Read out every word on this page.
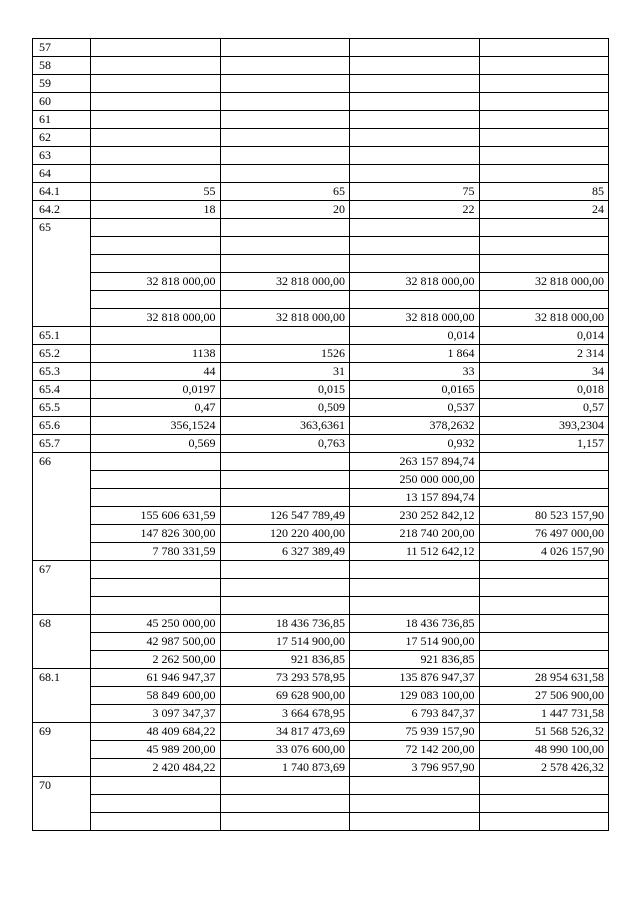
57				
58				
59				
60				
61				
62				
63				
64				
64.1	55	65	75	85
64.2	18	20	22	24
65				

	32 818 000,00	32 818 000,00	32 818 000,00	32 818 000,00

	32 818 000,00	32 818 000,00	32 818 000,00	32 818 000,00
65.1			0,014	0,014
65.2	1138	1526	1 864	2 314
65.3	44	31	33	34
65.4	0,0197	0,015	0,0165	0,018
65.5	0,47	0,509	0,537	0,57
65.6	356,1524	363,6361	378,2632	393,2304
65.7	0,569	0,763	0,932	1,157
66			263 157 894,74	
			250 000 000,00	
			13 157 894,74	
	155 606 631,59	126 547 789,49	230 252 842,12	80 523 157,90
	147 826 300,00	120 220 400,00	218 740 200,00	76 497 000,00
	7 780 331,59	6 327 389,49	11 512 642,12	4 026 157,90
67				

68	45 250 000,00	18 436 736,85	18 436 736,85	
	42 987 500,00	17 514 900,00	17 514 900,00	
	2 262 500,00	921 836,85	921 836,85	
68.1	61 946 947,37	73 293 578,95	135 876 947,37	28 954 631,58
	58 849 600,00	69 628 900,00	129 083 100,00	27 506 900,00
	3 097 347,37	3 664 678,95	6 793 847,37	1 447 731,58
69	48 409 684,22	34 817 473,69	75 939 157,90	51 568 526,32
	45 989 200,00	33 076 600,00	72 142 200,00	48 990 100,00
	2 420 484,22	1 740 873,69	3 796 957,90	2 578 426,32
70				
